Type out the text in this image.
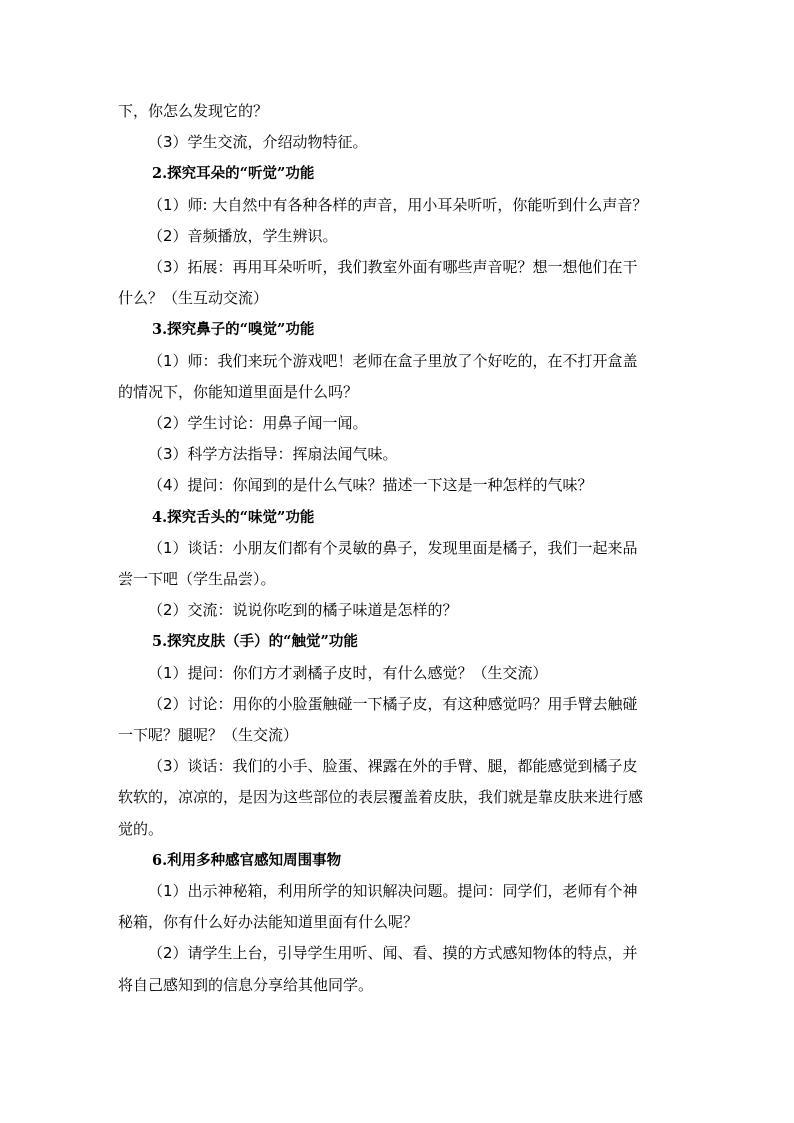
下，你怎么发现它的？

（3）学生交流，介绍动物特征。

2.探究耳朵的“听觉”功能

（1）师: 大自然中有各种各样的声音，用小耳朵听听，你能听到什么声音？

（2）音频播放，学生辨识。

（3）拓展：再用耳朵听听，我们教室外面有哪些声音呢？想一想他们在干

什么？（生互动交流）

3.探究鼻子的“嗅觉”功能

（1）师：我们来玩个游戏吧！老师在盒子里放了个好吃的，在不打开盒盖

的情况下，你能知道里面是什么吗？

（2）学生讨论：用鼻子闻一闻。

（3）科学方法指导：挥扇法闻气味。

（4）提问：你闻到的是什么气味？描述一下这是一种怎样的气味？

4.探究舌头的“味觉”功能

（1）谈话：小朋友们都有个灵敏的鼻子，发现里面是橘子，我们一起来品

尝一下吧（学生品尝）。

（2）交流：说说你吃到的橘子味道是怎样的？

5.探究皮肤（手）的“触觉”功能

（1）提问：你们方才剥橘子皮时，有什么感觉？（生交流）

（2）讨论：用你的小脸蛋触碰一下橘子皮，有这种感觉吗？用手臂去触碰

一下呢？腿呢？（生交流）

（3）谈话：我们的小手、脸蛋、裸露在外的手臂、腿，都能感觉到橘子皮

软软的，凉凉的，是因为这些部位的表层覆盖着皮肤，我们就是靠皮肤来进行感

觉的。

6.利用多种感官感知周围事物

（1）出示神秘箱，利用所学的知识解决问题。提问：同学们，老师有个神

秘箱，你有什么好办法能知道里面有什么呢？

（2）请学生上台，引导学生用听、闻、看、摸的方式感知物体的特点，并

将自己感知到的信息分享给其他同学。
